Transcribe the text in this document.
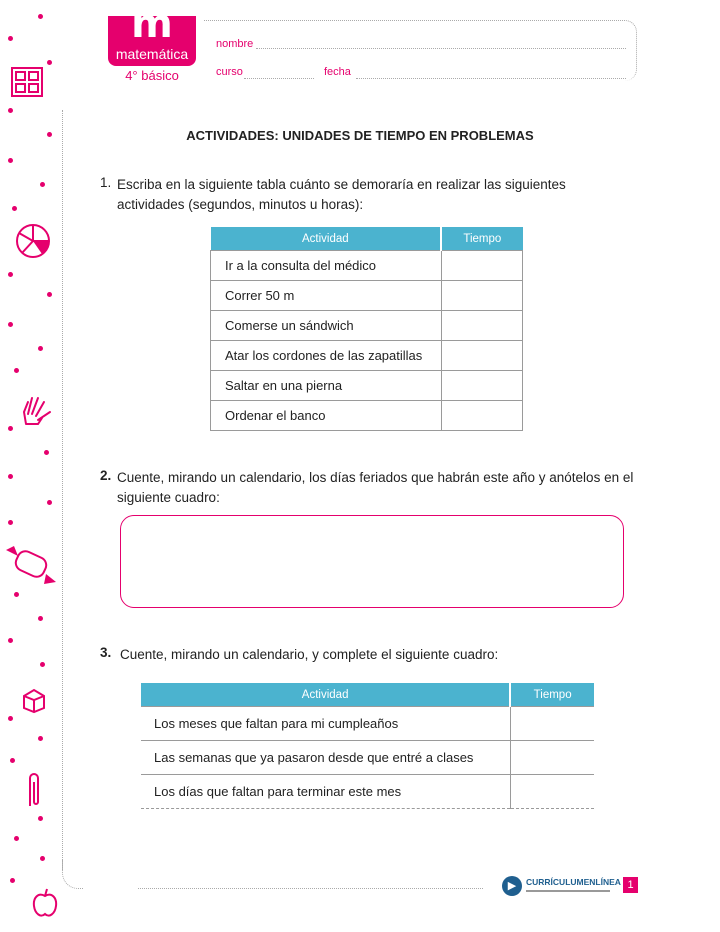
m
matemática
4° básico
nombre
curso	fecha
ACTIVIDADES: UNIDADES DE TIEMPO EN PROBLEMAS
1. Escriba en la siguiente tabla cuánto se demoraría en realizar las siguientes actividades (segundos, minutos u horas):
Actividad	Tiempo
Ir a la consulta del médico	
Correr 50 m	
Comerse un sándwich	
Atar los cordones de las zapatillas	
Saltar en una pierna	
Ordenar el banco	
2. Cuente, mirando un calendario, los días feriados que habrán este año y anótelos en el siguiente cuadro:
3. Cuente, mirando un calendario, y complete el siguiente cuadro:
Actividad	Tiempo
Los meses que faltan para mi cumpleaños	
Las semanas que ya pasaron desde que entré a clases	
Los días que faltan para terminar este mes	
▶	CURRÍCULUMENLÍNEA 1
